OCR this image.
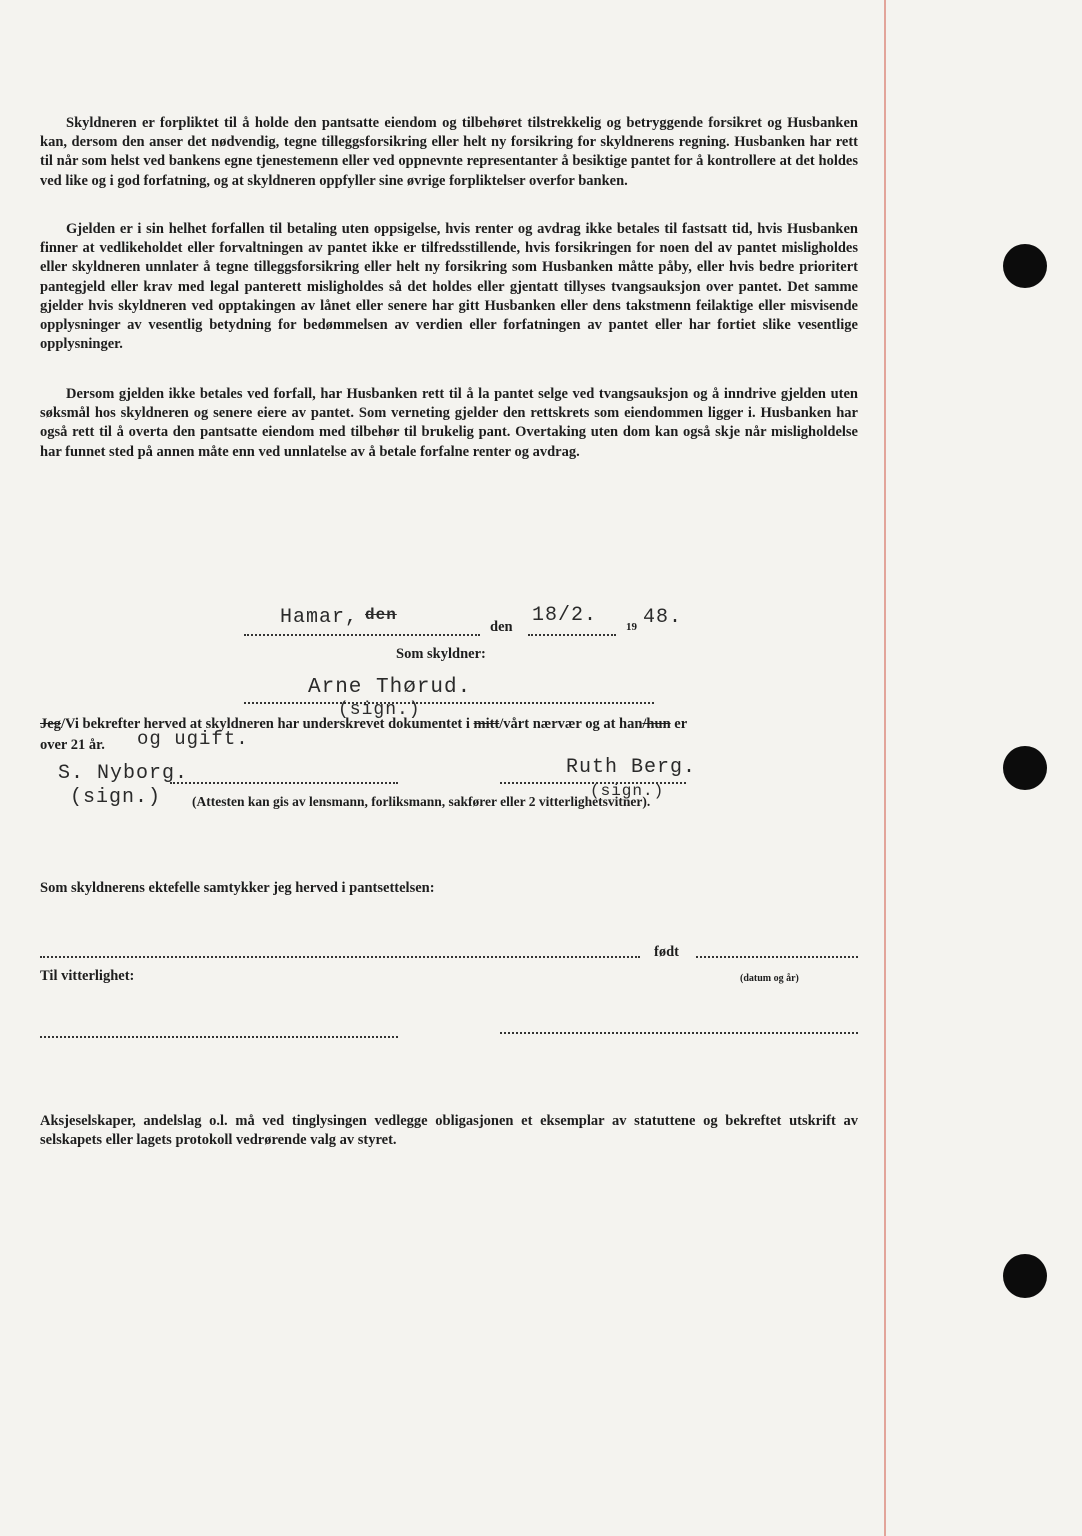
Skyldneren er forpliktet til å holde den pantsatte eiendom og tilbehøret tilstrekkelig og betryggende forsikret og Husbanken kan, dersom den anser det nødvendig, tegne tilleggsforsikring eller helt ny forsikring for skyldnerens regning. Husbanken har rett til når som helst ved bankens egne tjenestemenn eller ved oppnevnte representanter å besiktige pantet for å kontrollere at det holdes ved like og i god forfatning, og at skyldneren oppfyller sine øvrige forpliktelser overfor banken.
Gjelden er i sin helhet forfallen til betaling uten oppsigelse, hvis renter og avdrag ikke betales til fastsatt tid, hvis Husbanken finner at vedlikeholdet eller forvaltningen av pantet ikke er tilfredsstillende, hvis forsikringen for noen del av pantet misligholdes eller skyldneren unnlater å tegne tilleggsforsikring eller helt ny forsikring som Husbanken måtte påby, eller hvis bedre prioritert pantegjeld eller krav med legal panterett misligholdes så det holdes eller gjentatt tillyses tvangsauksjon over pantet. Det samme gjelder hvis skyldneren ved opptakingen av lånet eller senere har gitt Husbanken eller dens takstmenn feilaktige eller misvisende opplysninger av vesentlig betydning for bedømmelsen av verdien eller forfatningen av pantet eller har fortiet slike vesentlige opplysninger.
Dersom gjelden ikke betales ved forfall, har Husbanken rett til å la pantet selge ved tvangsauksjon og å inndrive gjelden uten søksmål hos skyldneren og senere eiere av pantet. Som verneting gjelder den rettskrets som eiendommen ligger i. Husbanken har også rett til å overta den pantsatte eiendom med tilbehør til brukelig pant. Overtaking uten dom kan også skje når misligholdelse har funnet sted på annen måte enn ved unnlatelse av å betale forfalne renter og avdrag.
Hamar, den
den 18/2.	19 48.
Som skyldner:
Arne Thørud.
(sign.)
Jeg/Vi bekrefter herved at skyldneren har underskrevet dokumentet i mitt/vårt nærvær og at han/hun er
over 21 år. og ugift.
S. Nyborg.	Ruth Berg.
(sign.) (Attesten kan gis av lensmann, forliksmann, sakfører eller 2 vitterlighetsvitner).
(sign.)
Som skyldnerens ektefelle samtykker jeg herved i pantsettelsen:
født
Til vitterlighet:	(datum og år)
Aksjeselskaper, andelslag o.l. må ved tinglysingen vedlegge obligasjonen et eksemplar av statuttene og bekreftet utskrift av selskapets eller lagets protokoll vedrørende valg av styret.
